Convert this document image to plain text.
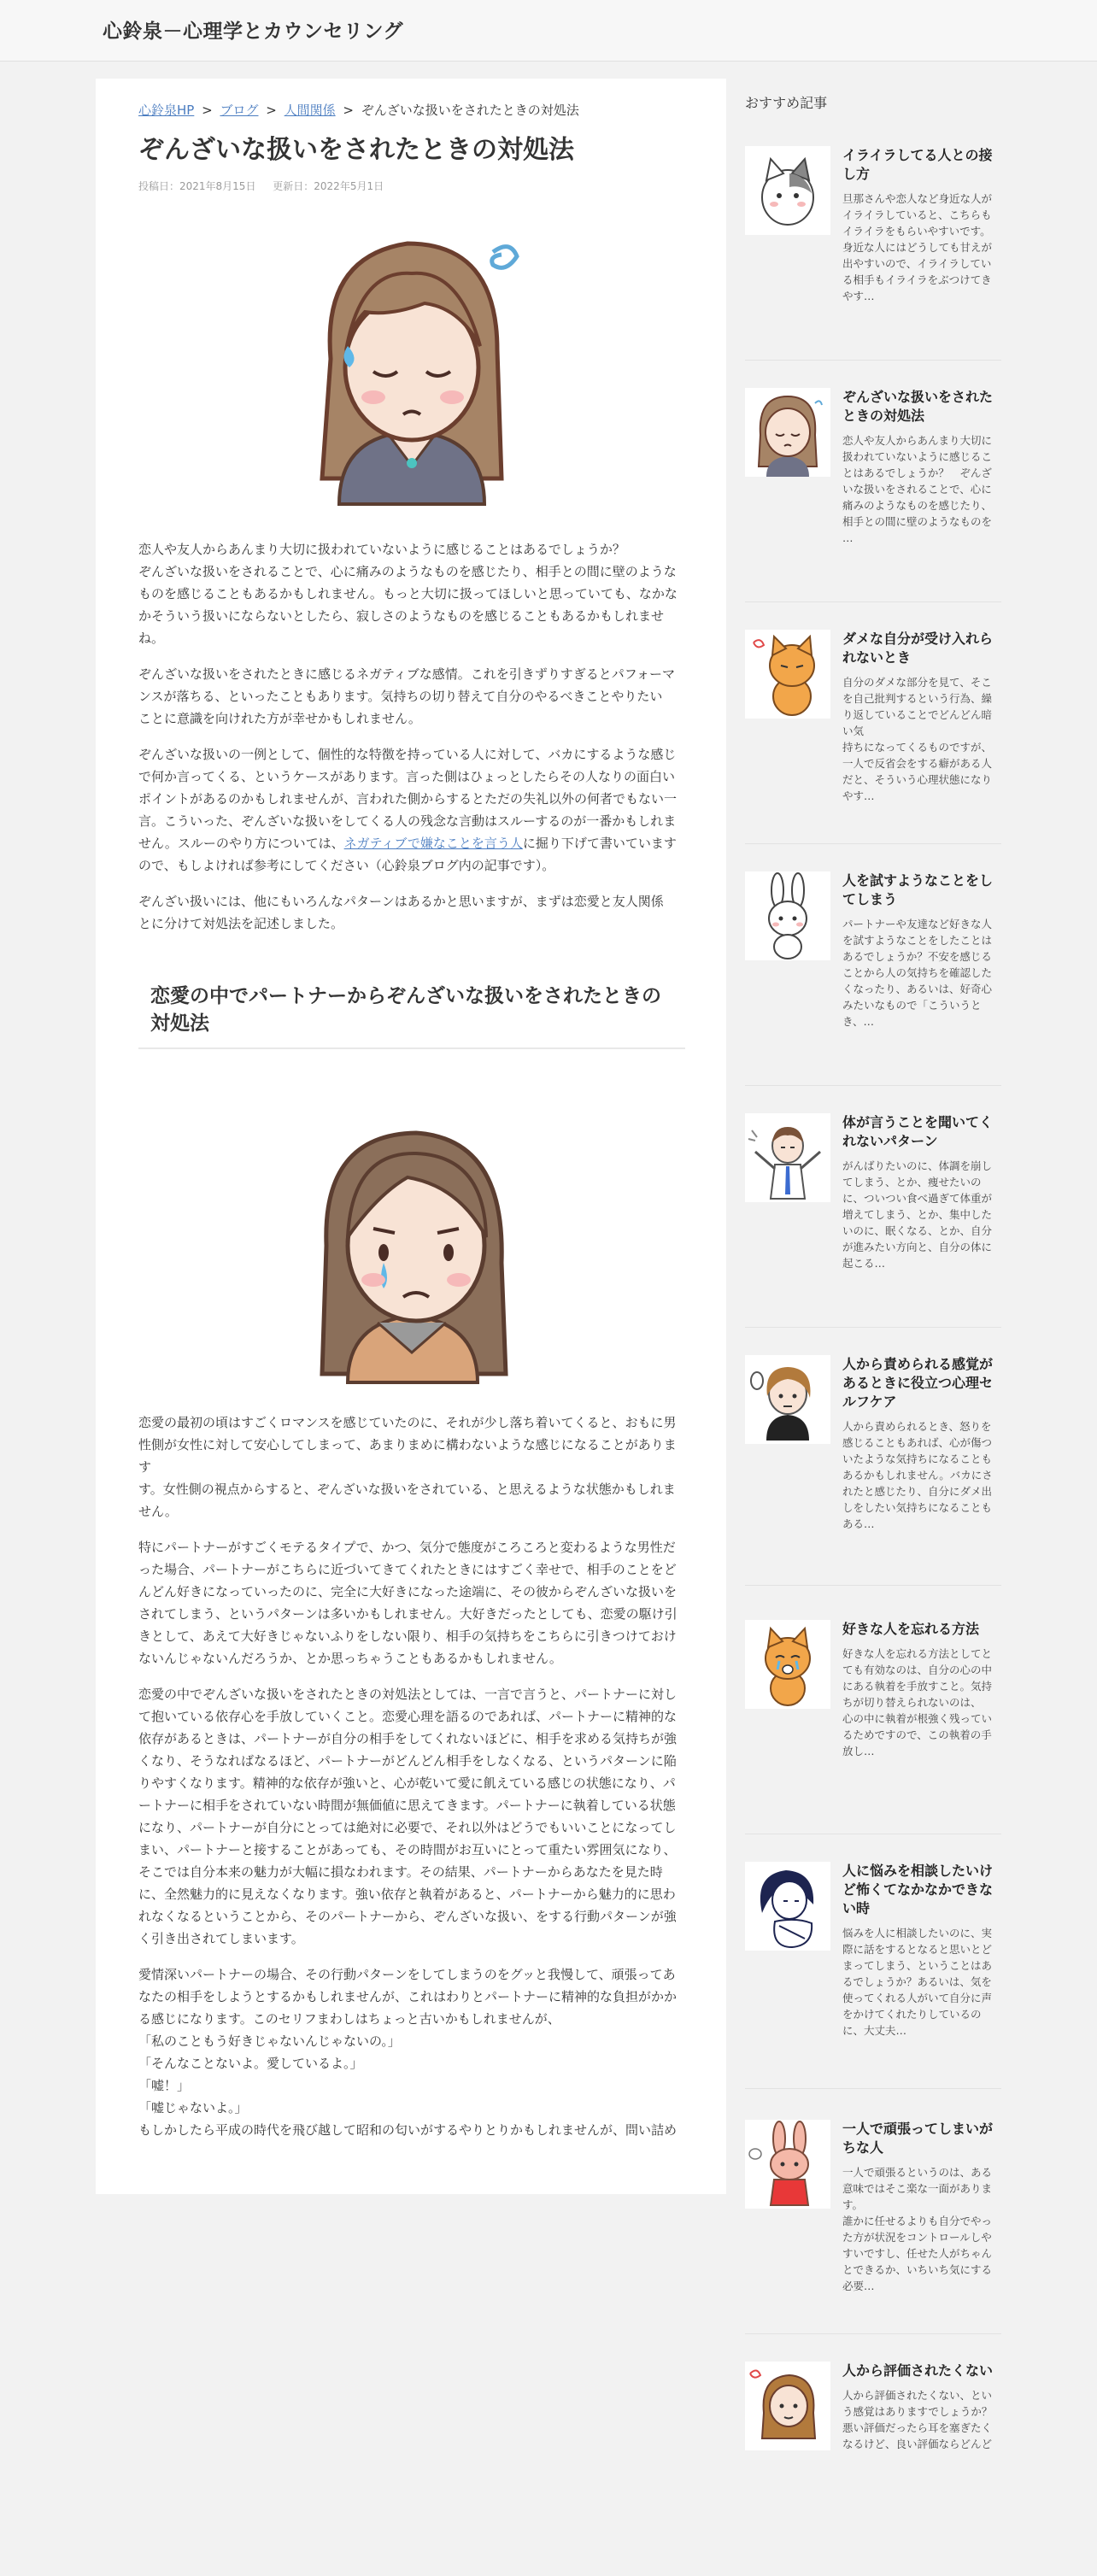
心鈴泉－心理学とカウンセリング
心鈴泉HP > ブログ > 人間関係 > ぞんざいな扱いをされたときの対処法
ぞんざいな扱いをされたときの対処法
投稿日：2021年8月15日 更新日：2022年5月1日

恋人や友人からあんまり大切に扱われていないように感じることはあるでしょうか？
ぞんざいな扱いをされることで、心に痛みのようなものを感じたり、相手との間に壁のような
ものを感じることもあるかもしれません。もっと大切に扱ってほしいと思っていても、なかな
かそういう扱いにならないとしたら、寂しさのようなものを感じることもあるかもしれませ
ね。

ぞんざいな扱いをされたときに感じるネガティブな感情。これを引きずりすぎるとパフォーマ
ンスが落ちる、といったこともあります。気持ちの切り替えて自分のやるべきことやりたい
ことに意識を向けれた方が幸せかもしれません。

ぞんざいな扱いの一例として、個性的な特徴を持っている人に対して、バカにするような感じ
で何か言ってくる、というケースがあります。言った側はひょっとしたらその人なりの面白い
ポイントがあるのかもしれませんが、言われた側からするとただの失礼以外の何者でもない一
言。こういった、ぞんざいな扱いをしてくる人の残念な言動はスルーするのが一番かもしれま
せん。スルーのやり方については、ネガティブで嫌なことを言う人に掘り下げて書いています
ので、もしよければ参考にしてください（心鈴泉ブログ内の記事です）。

ぞんざい扱いには、他にもいろんなパターンはあるかと思いますが、まずは恋愛と友人関係
とに分けて対処法を記述しました。

恋愛の中でパートナーからぞんざいな扱いをされたときの
対処法

恋愛の最初の頃はすごくロマンスを感じていたのに、それが少し落ち着いてくると、おもに男
性側が女性に対して安心してしまって、あまりまめに構わないような感じになることがあります
す。女性側の視点からすると、ぞんざいな扱いをされている、と思えるような状態かもしれま
せん。

特にパートナーがすごくモテるタイプで、かつ、気分で態度がころころと変わるような男性だ
った場合、パートナーがこちらに近づいてきてくれたときにはすごく幸せで、相手のことをど
んどん好きになっていったのに、完全に大好きになった途端に、その彼からぞんざいな扱いを
されてしまう、というパターンは多いかもしれません。大好きだったとしても、恋愛の駆け引
きとして、あえて大好きじゃないふりをしない限り、相手の気持ちをこちらに引きつけておけ
ないんじゃないんだろうか、とか思っちゃうこともあるかもしれません。

恋愛の中でぞんざいな扱いをされたときの対処法としては、一言で言うと、パートナーに対し
て抱いている依存心を手放していくこと。恋愛心理を語るのであれば、パートナーに精神的な
依存があるときは、パートナーが自分の相手をしてくれないほどに、相手を求める気持ちが強
くなり、そうなればなるほど、パートナーがどんどん相手をしなくなる、というパターンに陥
りやすくなります。精神的な依存が強いと、心が乾いて愛に飢えている感じの状態になり、パ
ートナーに相手をされていない時間が無価値に思えてきます。パートナーに執着している状態
になり、パートナーが自分にとっては絶対に必要で、それ以外はどうでもいいことになってし
まい、パートナーと接することがあっても、その時間がお互いにとって重たい雰囲気になり、
そこでは自分本来の魅力が大幅に損なわれます。その結果、パートナーからあなたを見た時
に、全然魅力的に見えなくなります。強い依存と執着があると、パートナーから魅力的に思わ
れなくなるということから、そのパートナーから、ぞんざいな扱い、をする行動パターンが強
く引き出されてしまいます。

愛情深いパートナーの場合、その行動パターンをしてしまうのをグッと我慢して、頑張ってあ
なたの相手をしようとするかもしれませんが、これはわりとパートナーに精神的な負担がかか
る感じになります。このセリフまわしはちょっと古いかもしれませんが、
「私のこともう好きじゃないんじゃないの。」
「そんなことないよ。愛しているよ。」
「嘘！」
「嘘じゃないよ。」
もしかしたら平成の時代を飛び越して昭和の匂いがするやりとりかもしれませんが、問い詰め

おすすめ記事
イライラしてる人との接
し方
旦那さんや恋人など身近な人が
イライラしていると、こちらも
イライラをもらいやすいです。
身近な人にはどうしても甘えが
出やすいので、イライラしてい
る相手もイライラをぶつけてき
やす…
ぞんざいな扱いをされた
ときの対処法
恋人や友人からあんまり大切に
扱われていないように感じるこ
とはあるでしょうか？　ぞんざ
いな扱いをされることで、心に
痛みのようなものを感じたり、
相手との間に壁のようなものを
…
ダメな自分が受け入れら
れないとき
自分のダメな部分を見て、そこ
を自己批判するという行為、繰
り返していることでどんどん暗い気
持ちになってくるものですが、
一人で反省会をする癖がある人
だと、そういう心理状態になり
やす…
人を試すようなことをし
てしまう
パートナーや友達など好きな人
を試すようなことをしたことは
あるでしょうか？不安を感じる
ことから人の気持ちを確認した
くなったり、あるいは、好奇心
みたいなもので「こういうと
き、…
体が言うことを聞いてく
れないパターン
がんばりたいのに、体調を崩し
てしまう、とか、痩せたいの
に、ついつい食べ過ぎて体重が
増えてしまう、とか、集中した
いのに、眠くなる、とか、自分
が進みたい方向と、自分の体に
起こる…
人から責められる感覚が
あるときに役立つ心理セ
ルフケア
人から責められるとき、怒りを
感じることもあれば、心が傷つ
いたような気持ちになることも
あるかもしれません。バカにさ
れたと感じたり、自分にダメ出
しをしたい気持ちになることも
ある…
好きな人を忘れる方法
好きな人を忘れる方法としてと
ても有効なのは、自分の心の中
にある執着を手放すこと。気持
ちが切り替えられないのは、
心の中に執着が根強く残ってい
るためですので、この執着の手
放し…
人に悩みを相談したいけ
ど怖くてなかなかできな
い時
悩みを人に相談したいのに、実
際に話をするとなると思いとど
まってしまう、ということはあ
るでしょうか？あるいは、気を
使ってくれる人がいて自分に声
をかけてくれたりしているの
に、大丈夫…
一人で頑張ってしまいが
ちな人
一人で頑張るというのは、ある
意味ではそこ楽な一面があります。
誰かに任せるよりも自分でやっ
た方が状況をコントロールしや
すいですし、任せた人がちゃん
とできるか、いちいち気にする
必要…
人から評価されたくない
人から評価されたくない、とい
う感覚はありますでしょうか？
悪い評価だったら耳を塞ぎたく
なるけど、良い評価ならどんど
